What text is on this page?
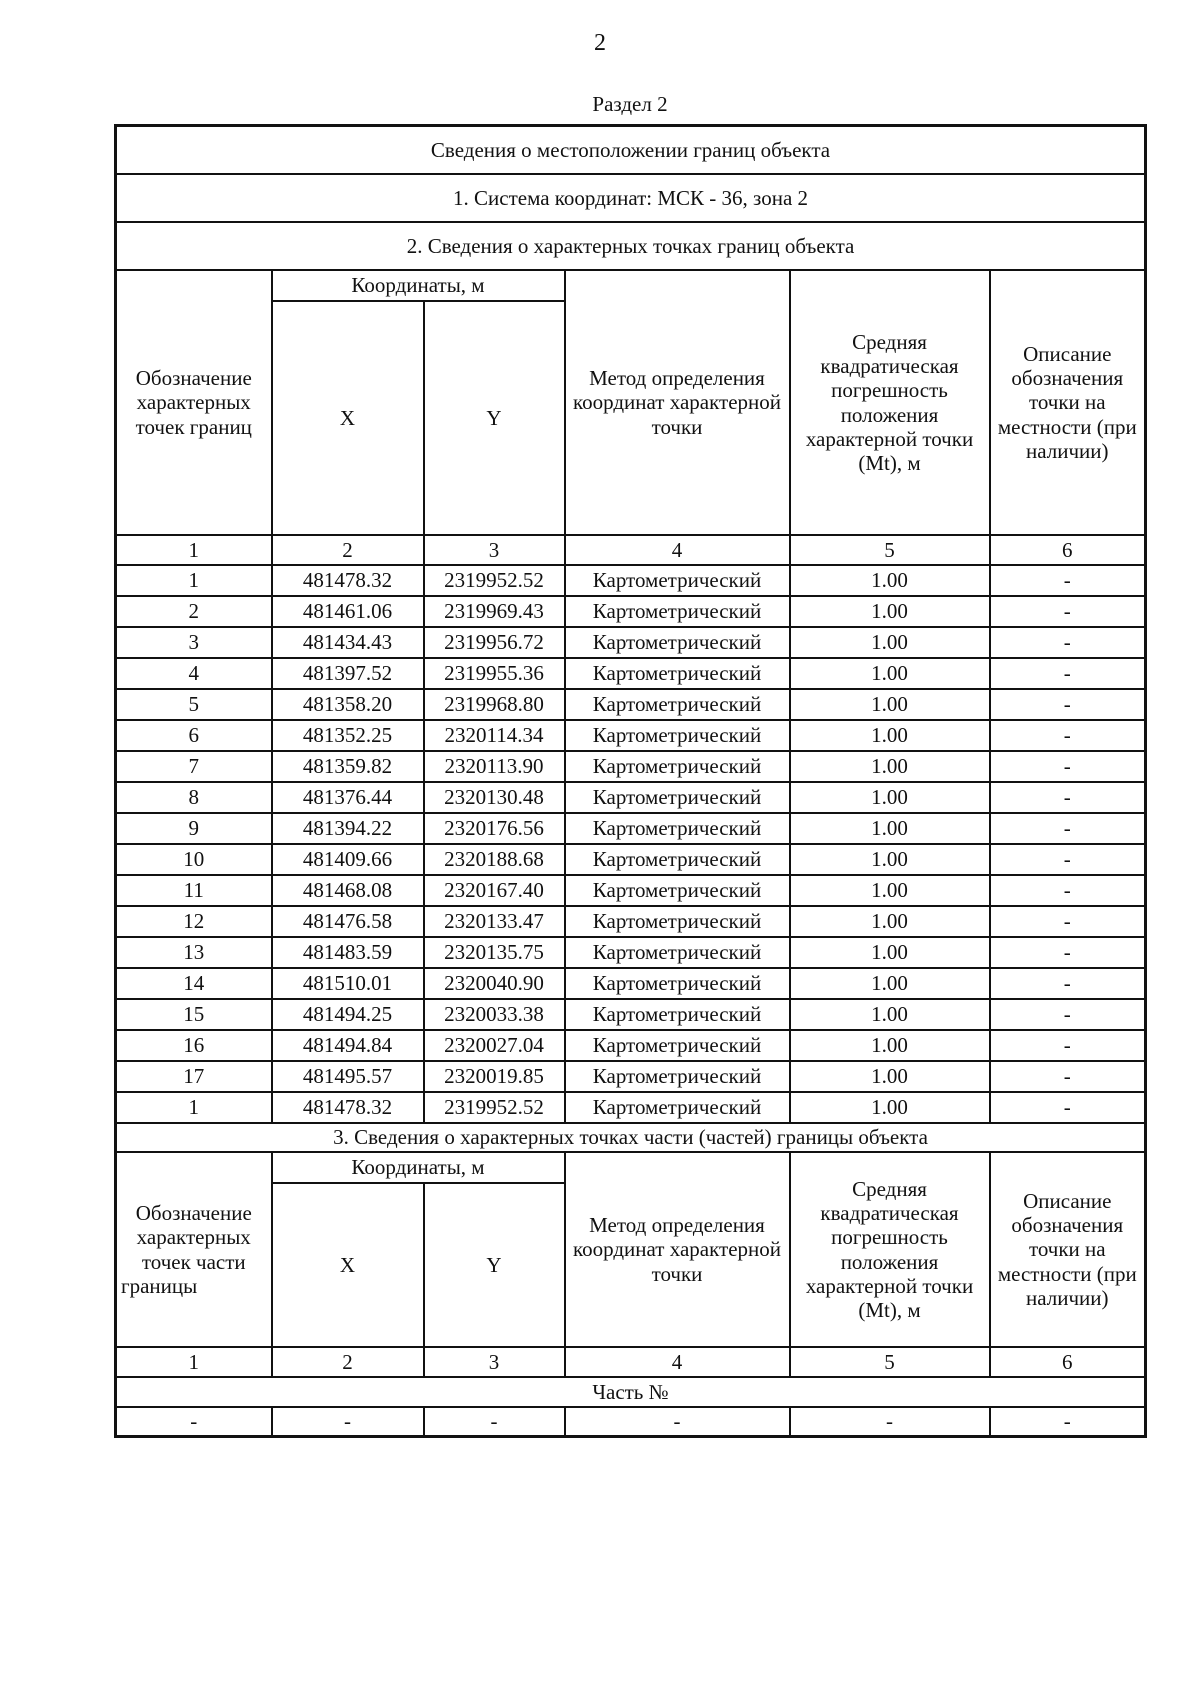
2
Раздел 2
Сведения о местоположении границ объекта					
1. Система координат: МСК - 36, зона 2					
2. Сведения о характерных точках границ объекта					
Обозначение характерных точек границ	Координаты, м		Метод определения координат характерной точки	Средняя квадратическая погрешность положения характерной точки (Mt), м	Описание обозначения точки на местности (при наличии)
	X	Y			
1	2	3	4	5	6
1	481478.32	2319952.52	Картометрический	1.00	-
2	481461.06	2319969.43	Картометрический	1.00	-
3	481434.43	2319956.72	Картометрический	1.00	-
4	481397.52	2319955.36	Картометрический	1.00	-
5	481358.20	2319968.80	Картометрический	1.00	-
6	481352.25	2320114.34	Картометрический	1.00	-
7	481359.82	2320113.90	Картометрический	1.00	-
8	481376.44	2320130.48	Картометрический	1.00	-
9	481394.22	2320176.56	Картометрический	1.00	-
10	481409.66	2320188.68	Картометрический	1.00	-
11	481468.08	2320167.40	Картометрический	1.00	-
12	481476.58	2320133.47	Картометрический	1.00	-
13	481483.59	2320135.75	Картометрический	1.00	-
14	481510.01	2320040.90	Картометрический	1.00	-
15	481494.25	2320033.38	Картометрический	1.00	-
16	481494.84	2320027.04	Картометрический	1.00	-
17	481495.57	2320019.85	Картометрический	1.00	-
1	481478.32	2319952.52	Картометрический	1.00	-
3. Сведения о характерных точках части (частей) границы объекта					
Обозначение характерных точек части границы	Координаты, м		Метод определения координат характерной точки	Средняя квадратическая погрешность положения характерной точки (Mt), м	Описание обозначения точки на местности (при наличии)
	X	Y			
1	2	3	4	5	6
Часть №					
-	-	-	-	-	-
